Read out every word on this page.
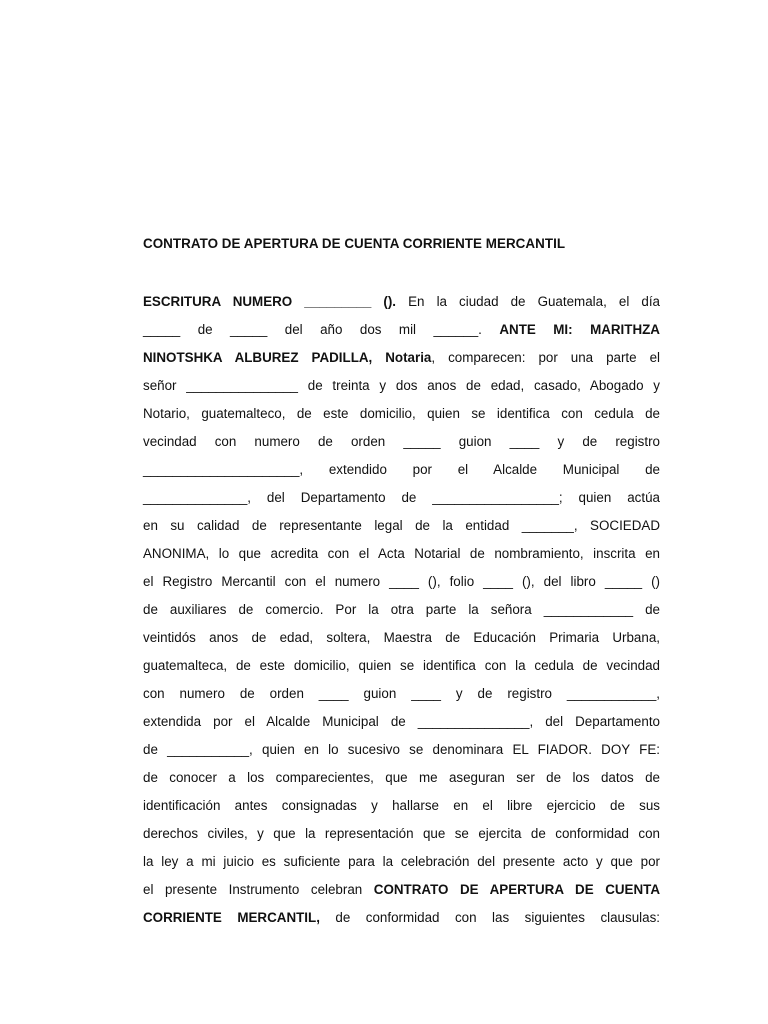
CONTRATO DE APERTURA DE CUENTA CORRIENTE MERCANTIL
ESCRITURA NUMERO _________ (). En la ciudad de Guatemala, el día
_____ de _____ del año dos mil ______. ANTE MI: MARITHZA
NINOTSHKA ALBUREZ PADILLA, Notaria, comparecen: por una parte el
señor _______________ de treinta y dos anos de edad, casado, Abogado y
Notario, guatemalteco, de este domicilio, quien se identifica con cedula de
vecindad con numero de orden _____ guion ____ y de registro
_____________________, extendido por el Alcalde Municipal de
______________, del Departamento de _________________; quien actúa
en su calidad de representante legal de la entidad _______, SOCIEDAD
ANONIMA, lo que acredita con el Acta Notarial de nombramiento, inscrita en
el Registro Mercantil con el numero ____ (), folio ____ (), del libro _____ ()
de auxiliares de comercio. Por la otra parte la señora ____________ de
veintidós anos de edad, soltera, Maestra de Educación Primaria Urbana,
guatemalteca, de este domicilio, quien se identifica con la cedula de vecindad
con numero de orden ____ guion ____ y de registro ____________,
extendida por el Alcalde Municipal de _______________, del Departamento
de ___________, quien en lo sucesivo se denominara EL FIADOR. DOY FE:
de conocer a los comparecientes, que me aseguran ser de los datos de
identificación antes consignadas y hallarse en el libre ejercicio de sus
derechos civiles, y que la representación que se ejercita de conformidad con
la ley a mi juicio es suficiente para la celebración del presente acto y que por
el presente Instrumento celebran CONTRATO DE APERTURA DE CUENTA
CORRIENTE MERCANTIL, de conformidad con las siguientes clausulas:
